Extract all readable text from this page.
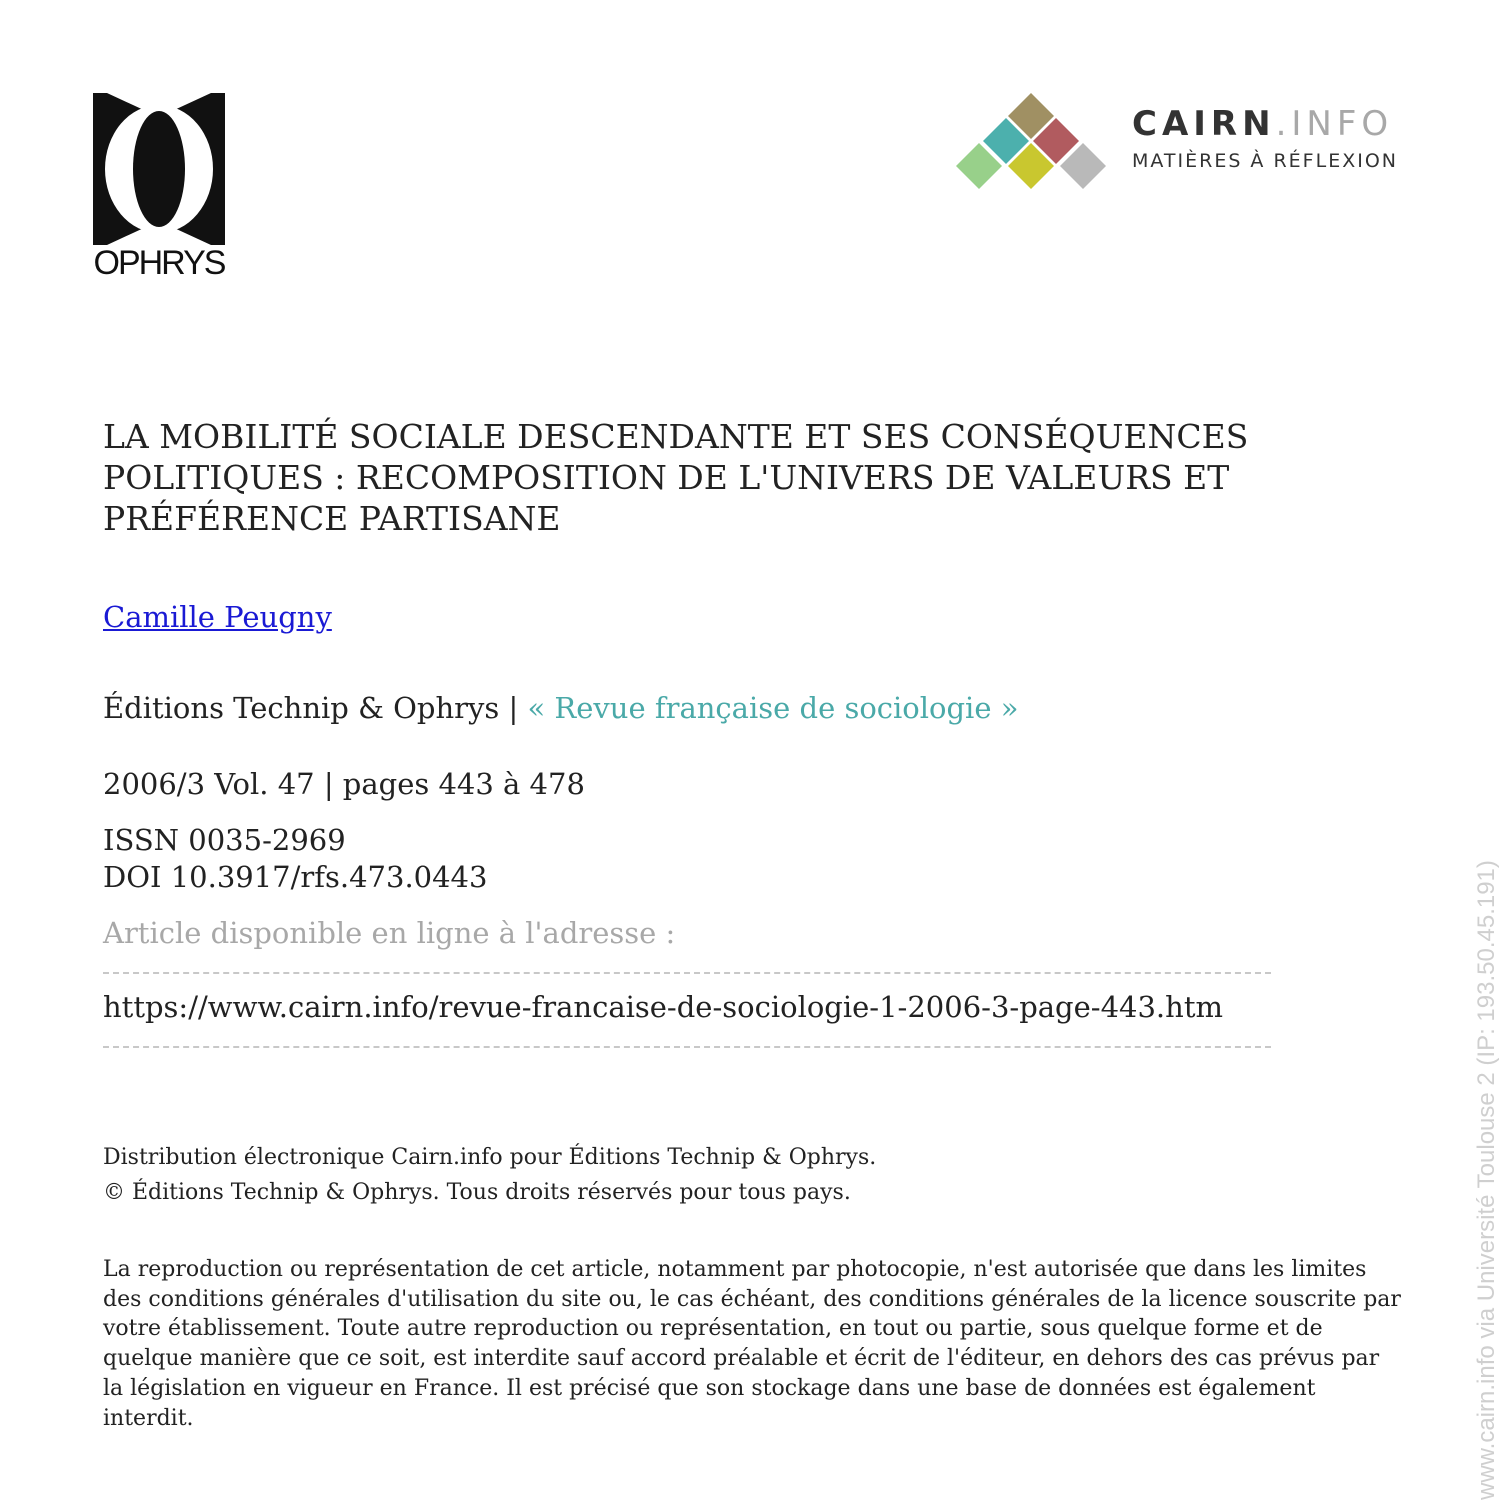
OPHRYS
CAIRN.INFO
MATIÈRES À RÉFLEXION
LA MOBILITÉ SOCIALE DESCENDANTE ET SES CONSÉQUENCES POLITIQUES : RECOMPOSITION DE L'UNIVERS DE VALEURS ET PRÉFÉRENCE PARTISANE
Camille Peugny
Éditions Technip & Ophrys | « Revue française de sociologie »
2006/3 Vol. 47 | pages 443 à 478
ISSN 0035-2969
DOI 10.3917/rfs.473.0443
Article disponible en ligne à l'adresse :
https://www.cairn.info/revue-francaise-de-sociologie-1-2006-3-page-443.htm
Distribution électronique Cairn.info pour Éditions Technip & Ophrys.
© Éditions Technip & Ophrys. Tous droits réservés pour tous pays.
La reproduction ou représentation de cet article, notamment par photocopie, n'est autorisée que dans les limites des conditions générales d'utilisation du site ou, le cas échéant, des conditions générales de la licence souscrite par votre établissement. Toute autre reproduction ou représentation, en tout ou partie, sous quelque forme et de quelque manière que ce soit, est interdite sauf accord préalable et écrit de l'éditeur, en dehors des cas prévus par la législation en vigueur en France. Il est précisé que son stockage dans une base de données est également interdit.	www.cairn.info via Université Toulouse 2 (IP: 193.50.45.191)
